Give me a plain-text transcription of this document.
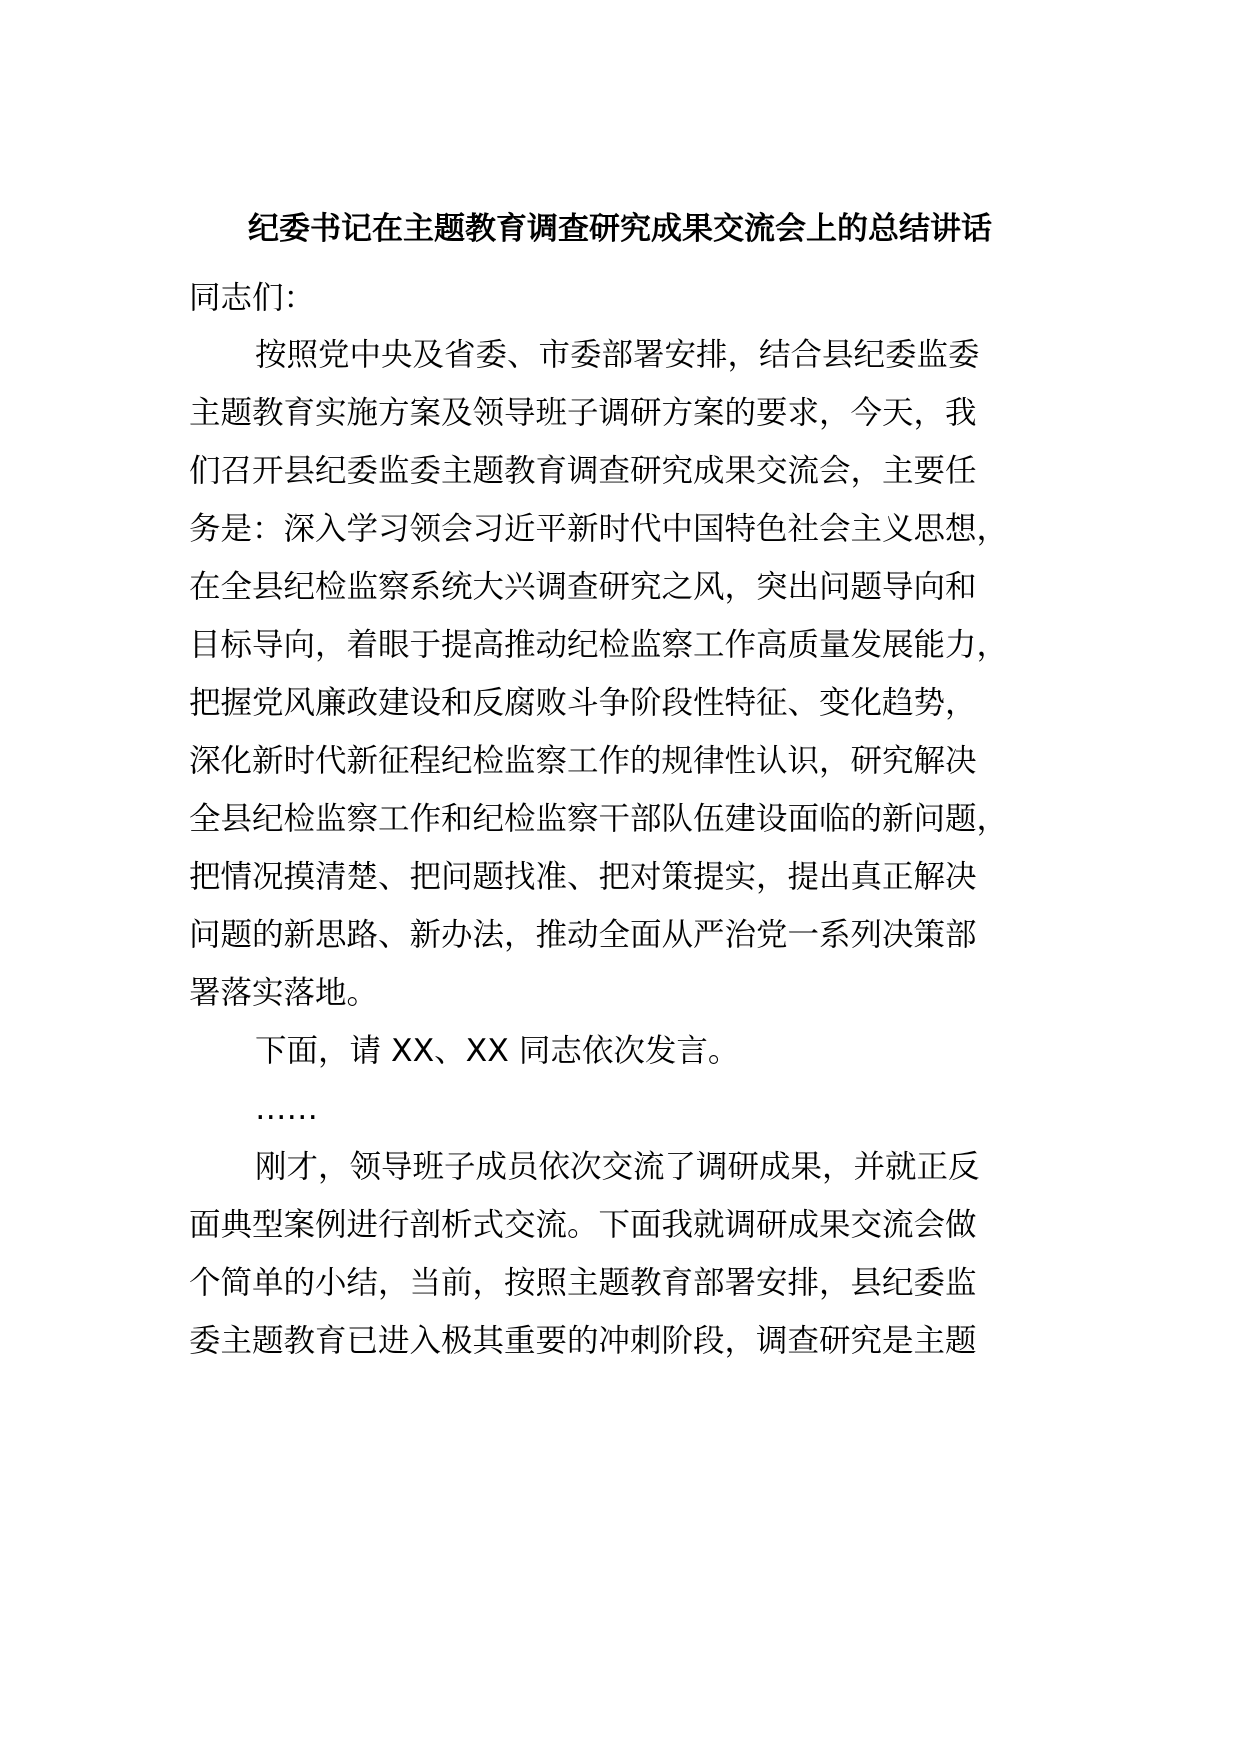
纪委书记在主题教育调查研究成果交流会上的总结讲话

同志们：

按照党中央及省委、市委部署安排，结合县纪委监委

主题教育实施方案及领导班子调研方案的要求，今天，我

们召开县纪委监委主题教育调查研究成果交流会，主要任

务是：深入学习领会习近平新时代中国特色社会主义思想，

在全县纪检监察系统大兴调查研究之风，突出问题导向和

目标导向，着眼于提高推动纪检监察工作高质量发展能力，

把握党风廉政建设和反腐败斗争阶段性特征、变化趋势，

深化新时代新征程纪检监察工作的规律性认识，研究解决

全县纪检监察工作和纪检监察干部队伍建设面临的新问题，

把情况摸清楚、把问题找准、把对策提实，提出真正解决

问题的新思路、新办法，推动全面从严治党一系列决策部

署落实落地。

下面，请 XX、XX 同志依次发言。

……

刚才，领导班子成员依次交流了调研成果，并就正反

面典型案例进行剖析式交流。下面我就调研成果交流会做

个简单的小结，当前，按照主题教育部署安排，县纪委监

委主题教育已进入极其重要的冲刺阶段，调查研究是主题
